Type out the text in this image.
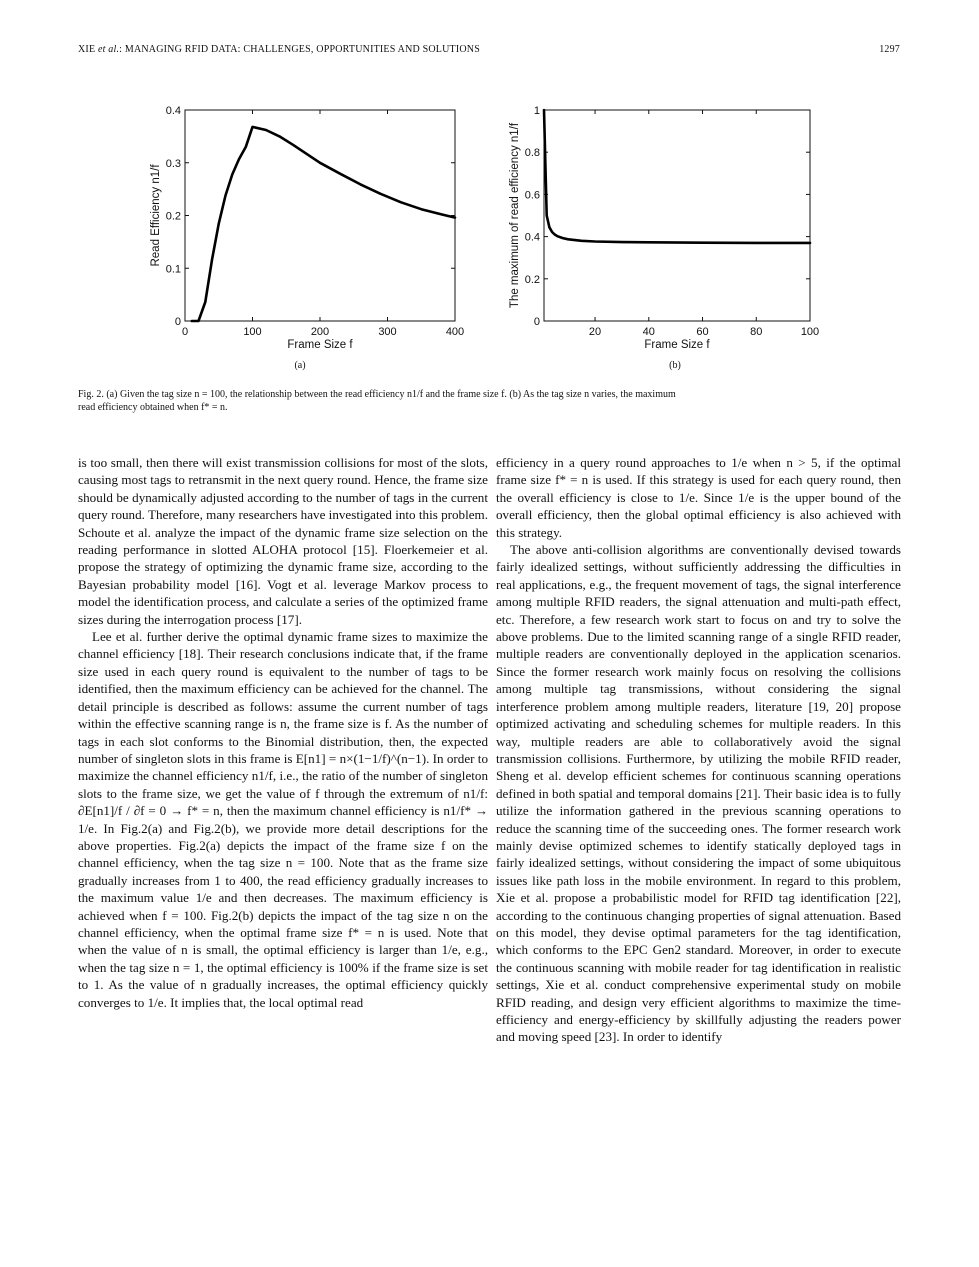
XIE et al.: MANAGING RFID DATA: CHALLENGES, OPPORTUNITIES AND SOLUTIONS	1297
0	100	200	300	400
0
0.1
0.2
0.3
0.4
Frame Size f
Read Efficiency n1/f
(a)
20	40	60	80	100
0
0.2
0.4
0.6
0.8
1
Frame Size f
The maximum of read efficiency n1/f
(b)
Fig. 2. (a) Given the tag size n = 100, the relationship between the read efficiency n1/f and the frame size f. (b) As the tag size n varies, the maximum
read efficiency obtained when f* = n.

is too small, then there will exist transmission collisions for most of the slots, causing most tags to retransmit in the next query round. Hence, the frame size should be dynamically adjusted according to the number of tags in the current query round. Therefore, many researchers have investigated into this problem. Schoute et al. analyze the impact of the dynamic frame size selection on the reading performance in slotted ALOHA protocol [15]. Floerkemeier et al. propose the strategy of optimizing the dynamic frame size, according to the Bayesian probability model [16]. Vogt et al. leverage Markov process to model the identification process, and calculate a series of the optimized frame sizes during the interrogation process [17].

Lee et al. further derive the optimal dynamic frame sizes to maximize the channel efficiency [18]. Their research conclusions indicate that, if the frame size used in each query round is equivalent to the number of tags to be identified, then the maximum efficiency can be achieved for the channel. The detail principle is described as follows: assume the current number of tags within the effective scanning range is n, the frame size is f. As the number of tags in each slot conforms to the Binomial distribution, then, the expected number of singleton slots in this frame is E[n1] = n×(1−1/f)^(n−1). In order to maximize the channel efficiency n1/f, i.e., the ratio of the number of singleton slots to the frame size, we get the value of f through the extremum of n1/f: ∂E[n1]/f / ∂f = 0 → f* = n, then the maximum channel efficiency is n1/f* → 1/e. In Fig.2(a) and Fig.2(b), we provide more detail descriptions for the above properties. Fig.2(a) depicts the impact of the frame size f on the channel efficiency, when the tag size n = 100. Note that as the frame size gradually increases from 1 to 400, the read efficiency gradually increases to the maximum value 1/e and then decreases. The maximum efficiency is achieved when f = 100. Fig.2(b) depicts the impact of the tag size n on the channel efficiency, when the optimal frame size f* = n is used. Note that when the value of n is small, the optimal efficiency is larger than 1/e, e.g., when the tag size n = 1, the optimal efficiency is 100% if the frame size is set to 1. As the value of n gradually increases, the optimal efficiency quickly converges to 1/e. It implies that, the local optimal read

efficiency in a query round approaches to 1/e when n > 5, if the optimal frame size f* = n is used. If this strategy is used for each query round, then the overall efficiency is close to 1/e. Since 1/e is the upper bound of the overall efficiency, then the global optimal efficiency is also achieved with this strategy.

The above anti-collision algorithms are conventionally devised towards fairly idealized settings, without sufficiently addressing the difficulties in real applications, e.g., the frequent movement of tags, the signal interference among multiple RFID readers, the signal attenuation and multi-path effect, etc. Therefore, a few research work start to focus on and try to solve the above problems. Due to the limited scanning range of a single RFID reader, multiple readers are conventionally deployed in the application scenarios. Since the former research work mainly focus on resolving the collisions among multiple tag transmissions, without considering the signal interference problem among multiple readers, literature [19, 20] propose optimized activating and scheduling schemes for multiple readers. In this way, multiple readers are able to collaboratively avoid the signal transmission collisions. Furthermore, by utilizing the mobile RFID reader, Sheng et al. develop efficient schemes for continuous scanning operations defined in both spatial and temporal domains [21]. Their basic idea is to fully utilize the information gathered in the previous scanning operations to reduce the scanning time of the succeeding ones. The former research work mainly devise optimized schemes to identify statically deployed tags in fairly idealized settings, without considering the impact of some ubiquitous issues like path loss in the mobile environment. In regard to this problem, Xie et al. propose a probabilistic model for RFID tag identification [22], according to the continuous changing properties of signal attenuation. Based on this model, they devise optimal parameters for the tag identification, which conforms to the EPC Gen2 standard. Moreover, in order to execute the continuous scanning with mobile reader for tag identification in realistic settings, Xie et al. conduct comprehensive experimental study on mobile RFID reading, and design very efficient algorithms to maximize the time-efficiency and energy-efficiency by skillfully adjusting the readers power and moving speed [23]. In order to identify
